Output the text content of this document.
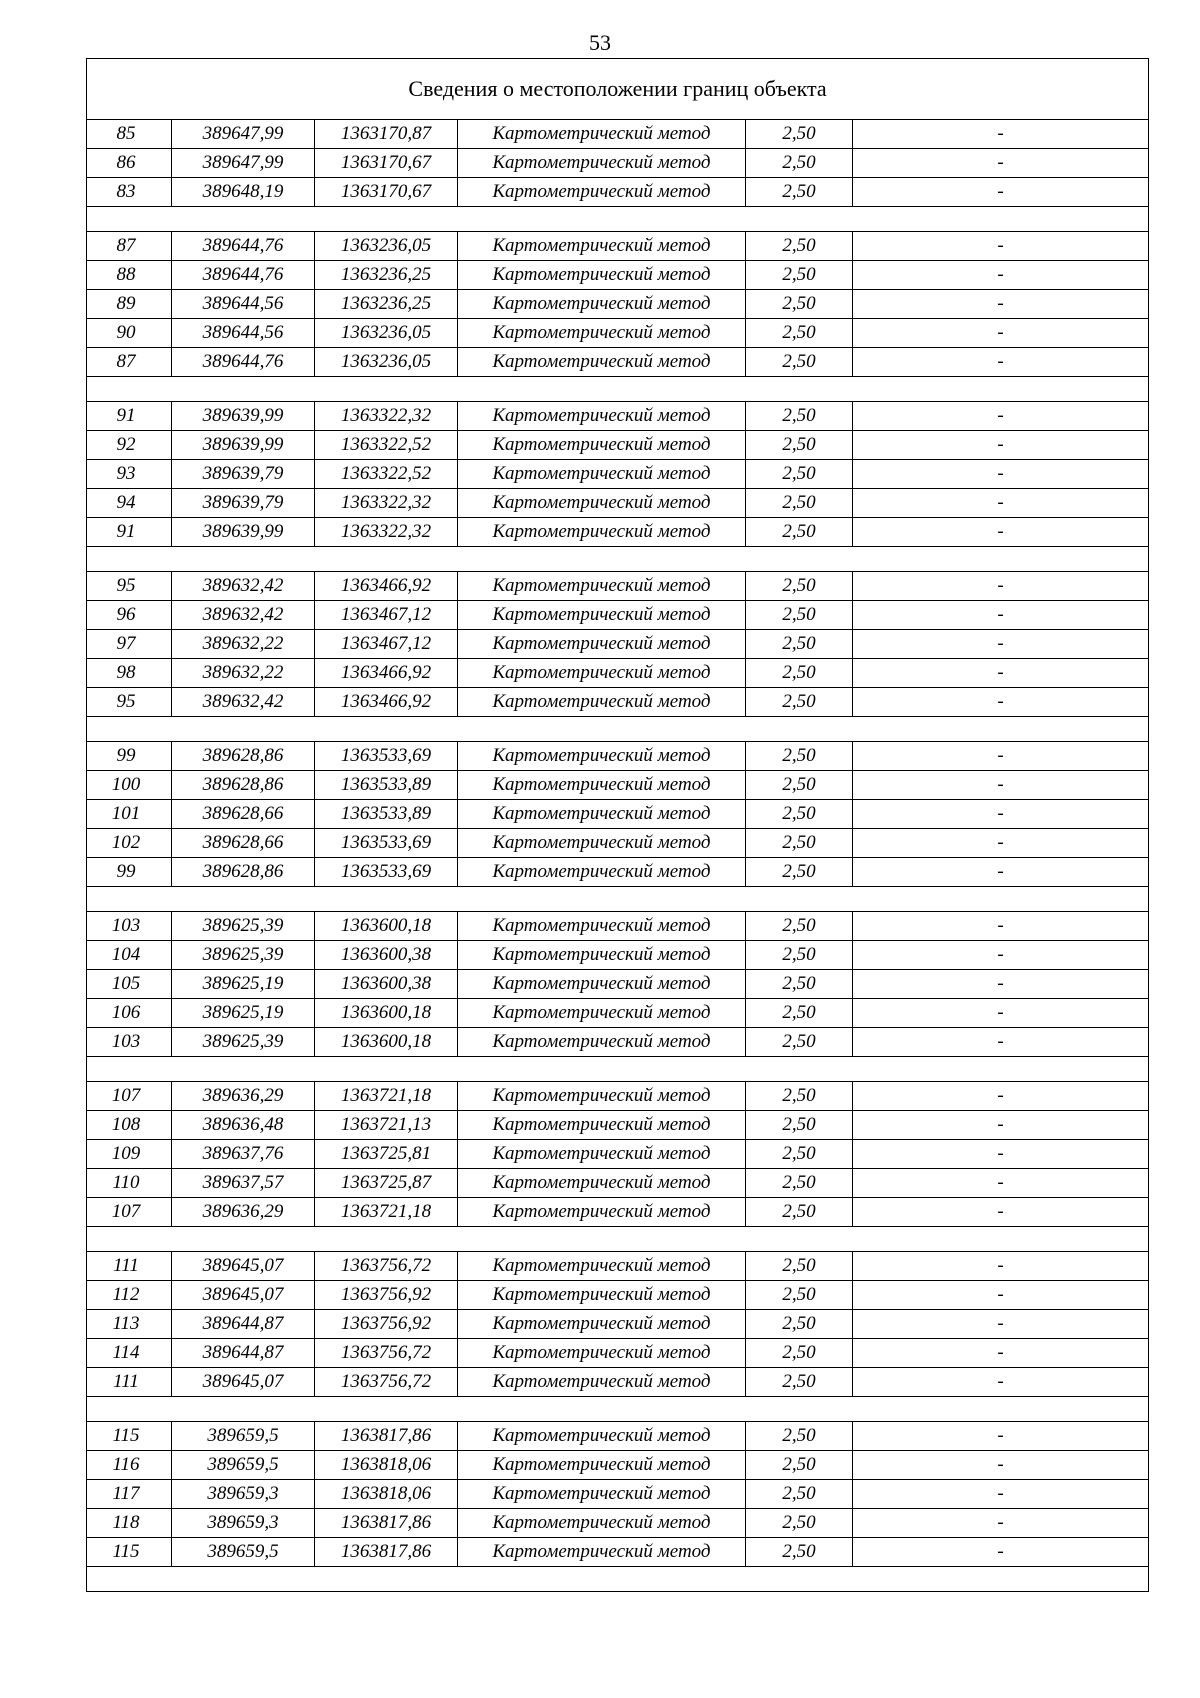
53
Сведения о местоположении границ объекта					
85	389647,99	1363170,87	Картометрический метод	2,50	-
86	389647,99	1363170,67	Картометрический метод	2,50	-
83	389648,19	1363170,67	Картометрический метод	2,50	-

87	389644,76	1363236,05	Картометрический метод	2,50	-
88	389644,76	1363236,25	Картометрический метод	2,50	-
89	389644,56	1363236,25	Картометрический метод	2,50	-
90	389644,56	1363236,05	Картометрический метод	2,50	-
87	389644,76	1363236,05	Картометрический метод	2,50	-

91	389639,99	1363322,32	Картометрический метод	2,50	-
92	389639,99	1363322,52	Картометрический метод	2,50	-
93	389639,79	1363322,52	Картометрический метод	2,50	-
94	389639,79	1363322,32	Картометрический метод	2,50	-
91	389639,99	1363322,32	Картометрический метод	2,50	-

95	389632,42	1363466,92	Картометрический метод	2,50	-
96	389632,42	1363467,12	Картометрический метод	2,50	-
97	389632,22	1363467,12	Картометрический метод	2,50	-
98	389632,22	1363466,92	Картометрический метод	2,50	-
95	389632,42	1363466,92	Картометрический метод	2,50	-

99	389628,86	1363533,69	Картометрический метод	2,50	-
100	389628,86	1363533,89	Картометрический метод	2,50	-
101	389628,66	1363533,89	Картометрический метод	2,50	-
102	389628,66	1363533,69	Картометрический метод	2,50	-
99	389628,86	1363533,69	Картометрический метод	2,50	-

103	389625,39	1363600,18	Картометрический метод	2,50	-
104	389625,39	1363600,38	Картометрический метод	2,50	-
105	389625,19	1363600,38	Картометрический метод	2,50	-
106	389625,19	1363600,18	Картометрический метод	2,50	-
103	389625,39	1363600,18	Картометрический метод	2,50	-

107	389636,29	1363721,18	Картометрический метод	2,50	-
108	389636,48	1363721,13	Картометрический метод	2,50	-
109	389637,76	1363725,81	Картометрический метод	2,50	-
110	389637,57	1363725,87	Картометрический метод	2,50	-
107	389636,29	1363721,18	Картометрический метод	2,50	-

111	389645,07	1363756,72	Картометрический метод	2,50	-
112	389645,07	1363756,92	Картометрический метод	2,50	-
113	389644,87	1363756,92	Картометрический метод	2,50	-
114	389644,87	1363756,72	Картометрический метод	2,50	-
111	389645,07	1363756,72	Картометрический метод	2,50	-

115	389659,5	1363817,86	Картометрический метод	2,50	-
116	389659,5	1363818,06	Картометрический метод	2,50	-
117	389659,3	1363818,06	Картометрический метод	2,50	-
118	389659,3	1363817,86	Картометрический метод	2,50	-
115	389659,5	1363817,86	Картометрический метод	2,50	-
